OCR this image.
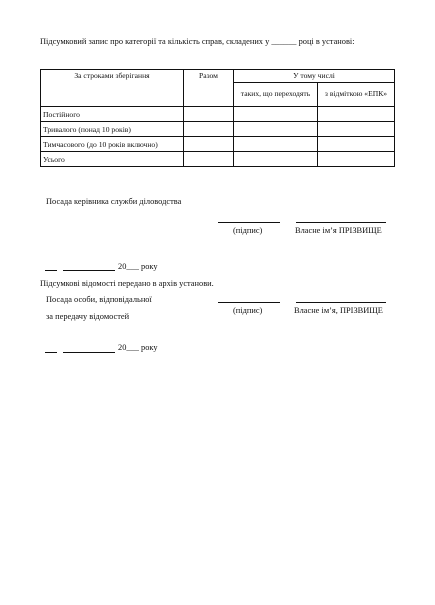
Підсумковий запис про категорії та кількість справ, складених у ______ році в установі:
За строками зберігання	Разом	У тому числі	
		таких, що переходять	з відміткою «ЕПК»
Постійного			
Тривалого (понад 10 років)			
Тимчасового (до 10 років включно)			
Усього			
Посада керівника служби діловодства
(підпис)	Власне ім’я ПРІЗВИЩЕ
20___ року
Підсумкові відомості передано в архів установи.
Посада особи, відповідальної
за передачу відомостей
(підпис)	Власне ім’я, ПРІЗВИЩЕ
20___ року
